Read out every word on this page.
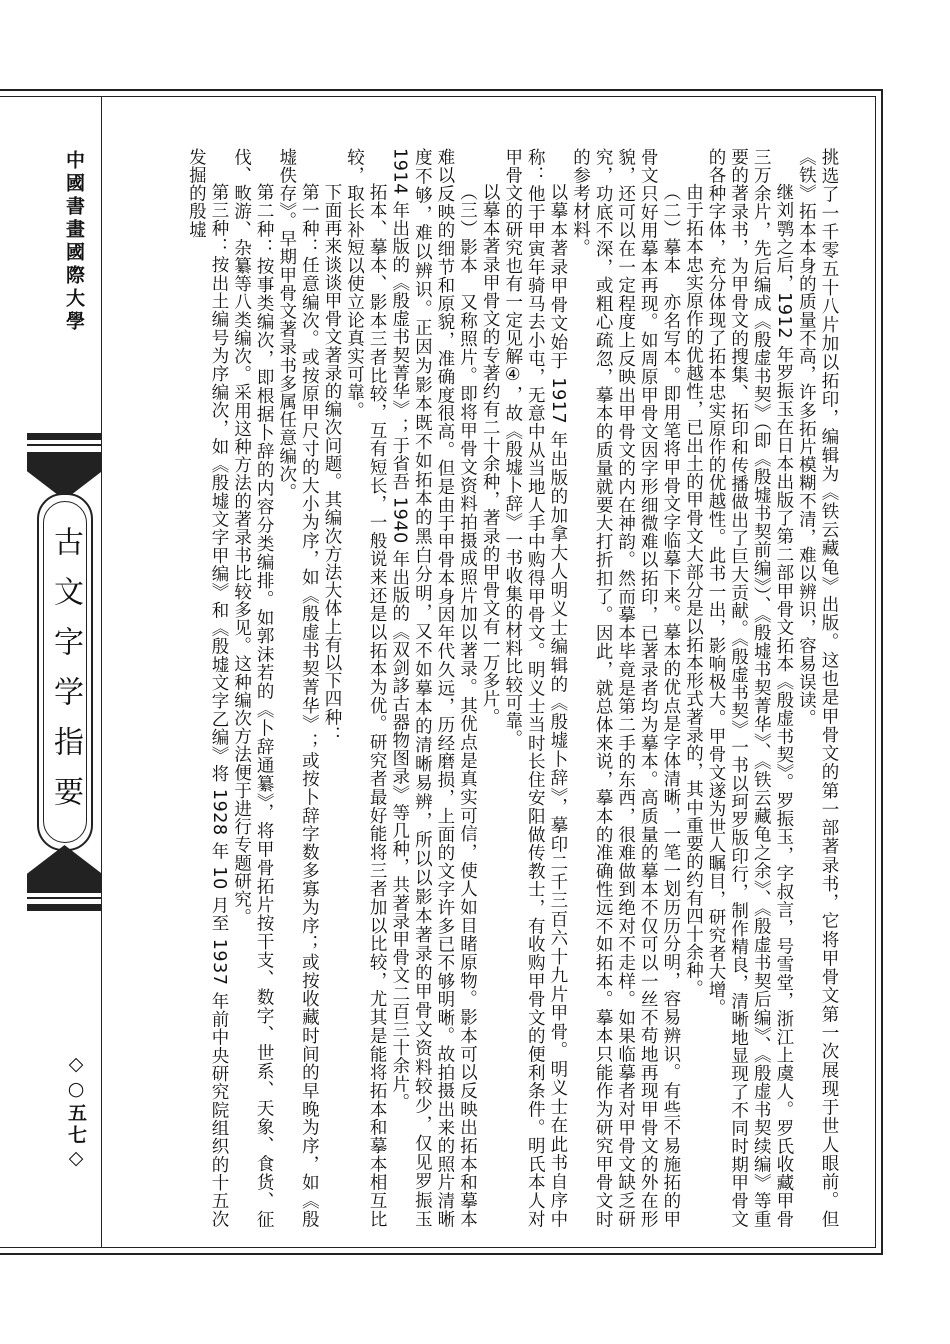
中國書畫國際大學
古文字学指要
◇○五七◇	挑选了一千零五十八片加以拓印，编辑为《铁云藏龟》出版。这也是甲骨文的第一部著录书，它将甲骨文第一次展现于世人眼前。但《铁》拓本本身的质量不高，许多拓片模糊不清，难以辨识，容易误读。

继刘鹗之后，1912 年罗振玉在日本出版了第二部甲骨文拓本《殷虚书契》。罗振玉，字叔言，号雪堂，浙江上虞人。罗氏收藏甲骨三万余片，先后编成《殷虚书契》（即《殷墟书契前编》）、《殷墟书契菁华》、《铁云藏龟之余》、《殷虚书契后编》、《殷虚书契续编》等重要的著录书，为甲骨文的搜集、拓印和传播做出了巨大贡献。《殷虚书契》一书以珂罗版印行，制作精良，清晰地显现了不同时期甲骨文的各种字体，充分体现了拓本忠实原作的优越性。此书一出，影响极大。甲骨文遂为世人瞩目，研究者大增。

由于拓本忠实原作的优越性，已出土的甲骨文大部分是以拓本形式著录的，其中重要的约有四十余种。

（二）摹本　亦名写本。即用笔将甲骨文字临摹下来。摹本的优点是字体清晰，一笔一划历历分明，容易辨识。有些不易施拓的甲骨文只好用摹本再现。如周原甲骨文因字形细微难以拓印，已著录者均为摹本。高质量的摹本不仅可以一丝不苟地再现甲骨文的外在形貌，还可以在一定程度上反映出甲骨文的内在神韵。然而摹本毕竟是第二手的东西，很难做到绝对不走样。如果临摹者对甲骨文缺乏研究，功底不深，或粗心疏忽，摹本的质量就要大打折扣了。因此，就总体来说，摹本的准确性远不如拓本。摹本只能作为研究甲骨文时的参考材料。

以摹本著录甲骨文始于 1917 年出版的加拿大人明义士编辑的《殷墟卜辞》，摹印二千三百六十九片甲骨。明义士在此书自序中称：他于甲寅年骑马去小屯，无意中从当地人手中购得甲骨文。明义士当时长住安阳做传教士，有收购甲骨文的便利条件。明氏本人对甲骨文的研究也有一定见解④，故《殷墟卜辞》一书收集的材料比较可靠。

以摹本著录甲骨文的专著约有二十余种，著录的甲骨文有一万多片。

（三）影本　又称照片。即将甲骨文资料拍摄成照片加以著录。其优点是真实可信，使人如目睹原物。影本可以反映出拓本和摹本难以反映的细节和原貌，准确度很高。但是由于甲骨本身因年代久远，历经磨损，上面的文字许多已不够明晰。故拍摄出来的照片清晰度不够，难以辨识。正因为影本既不如拓本的黑白分明，又不如摹本的清晰易辨，所以以影本著录的甲骨文资料较少，仅见罗振玉 1914 年出版的《殷虚书契菁华》；于省吾 1940 年出版的《双剑誃古器物图录》等几种，共著录甲骨文二百三十余片。

拓本、摹本、影本三者比较，互有短长，一般说来还是以拓本为优。研究者最好能将三者加以比较，尤其是能将拓本和摹本相互比较，取长补短以使立论真实可靠。

下面再来谈谈甲骨文著录的编次问题。其编次方法大体上有以下四种：

第一种：任意编次。或按原甲尺寸的大小为序，如《殷虚书契菁华》；或按卜辞字数多寡为序；或按收藏时间的早晚为序，如《殷墟佚存》。早期甲骨文著录书多属任意编次。

第二种：按事类编次，即根据卜辞的内容分类编排。如郭沫若的《卜辞通纂》，将甲骨拓片按干支、数字、世系、天象、食货、征伐、畋游、杂纂等八类编次。采用这种方法的著录书比较多见。这种编次方法便于进行专题研究。

第三种：按出土编号为序编次，如《殷墟文字甲编》和《殷墟文字乙编》将 1928 年 10 月至 1937 年前中央研究院组织的十五次发掘的殷墟
